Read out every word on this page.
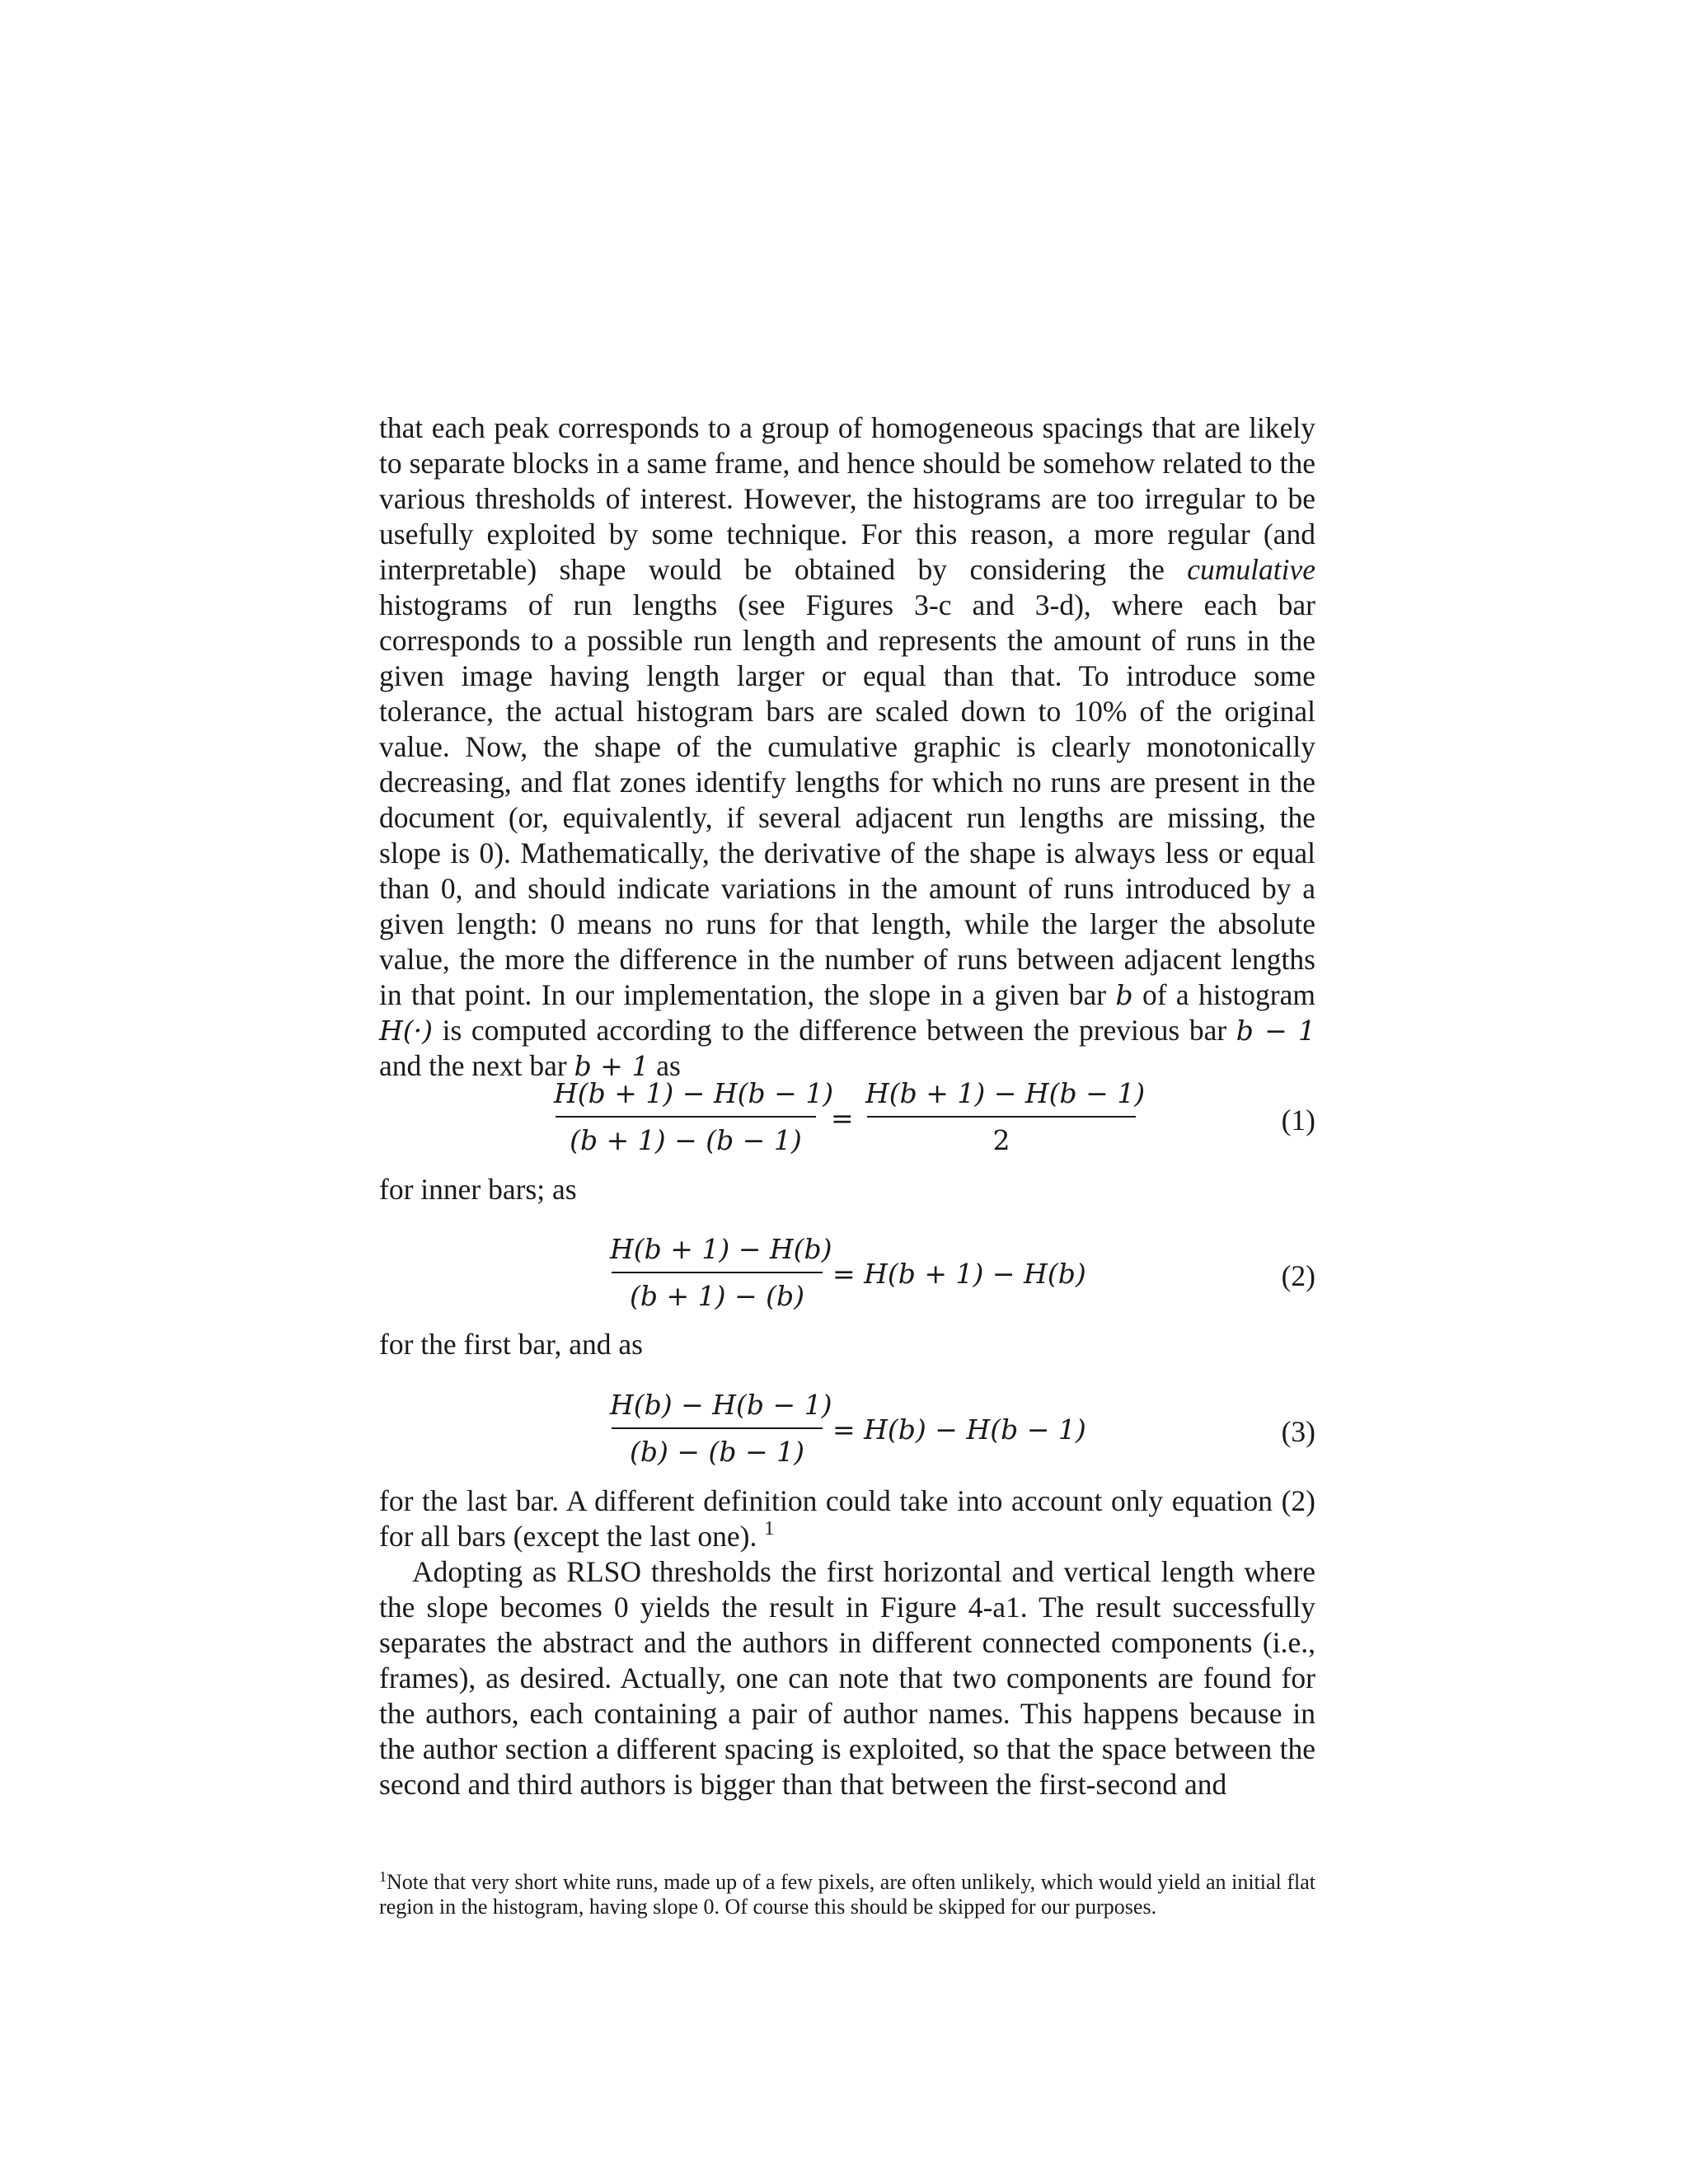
that each peak corresponds to a group of homogeneous spacings that are likely to separate blocks in a same frame, and hence should be somehow related to the various thresholds of interest. However, the histograms are too irregular to be usefully exploited by some technique. For this reason, a more regular (and interpretable) shape would be obtained by considering the cumulative histograms of run lengths (see Figures 3-c and 3-d), where each bar corresponds to a possible run length and represents the amount of runs in the given image having length larger or equal than that. To introduce some tolerance, the actual histogram bars are scaled down to 10% of the original value. Now, the shape of the cumulative graphic is clearly monotonically decreasing, and flat zones identify lengths for which no runs are present in the document (or, equivalently, if several adjacent run lengths are missing, the slope is 0). Mathematically, the derivative of the shape is always less or equal than 0, and should indicate variations in the amount of runs introduced by a given length: 0 means no runs for that length, while the larger the absolute value, the more the difference in the number of runs between adjacent lengths in that point. In our implementation, the slope in a given bar b of a histogram H(·) is computed according to the difference between the previous bar b − 1 and the next bar b + 1 as

H(b + 1) − H(b − 1)
(b + 1) − (b − 1)
=
H(b + 1) − H(b − 1)
2
(1)

for inner bars; as

H(b + 1) − H(b)
(b + 1) − (b)
= H(b + 1) − H(b)	(2)

for the first bar, and as

H(b) − H(b − 1)
(b) − (b − 1)
= H(b) − H(b − 1)	(3)

for the last bar. A different definition could take into account only equation (2) for all bars (except the last one). $^1$

Adopting as RLSO thresholds the first horizontal and vertical length where the slope becomes 0 yields the result in Figure 4-a1. The result successfully separates the abstract and the authors in different connected components (i.e., frames), as desired. Actually, one can note that two components are found for the authors, each containing a pair of author names. This happens because in the author section a different spacing is exploited, so that the space between the second and third authors is bigger than that between the first-second and

$^1$Note that very short white runs, made up of a few pixels, are often unlikely, which would yield an initial flat region in the histogram, having slope 0. Of course this should be skipped for our purposes.
